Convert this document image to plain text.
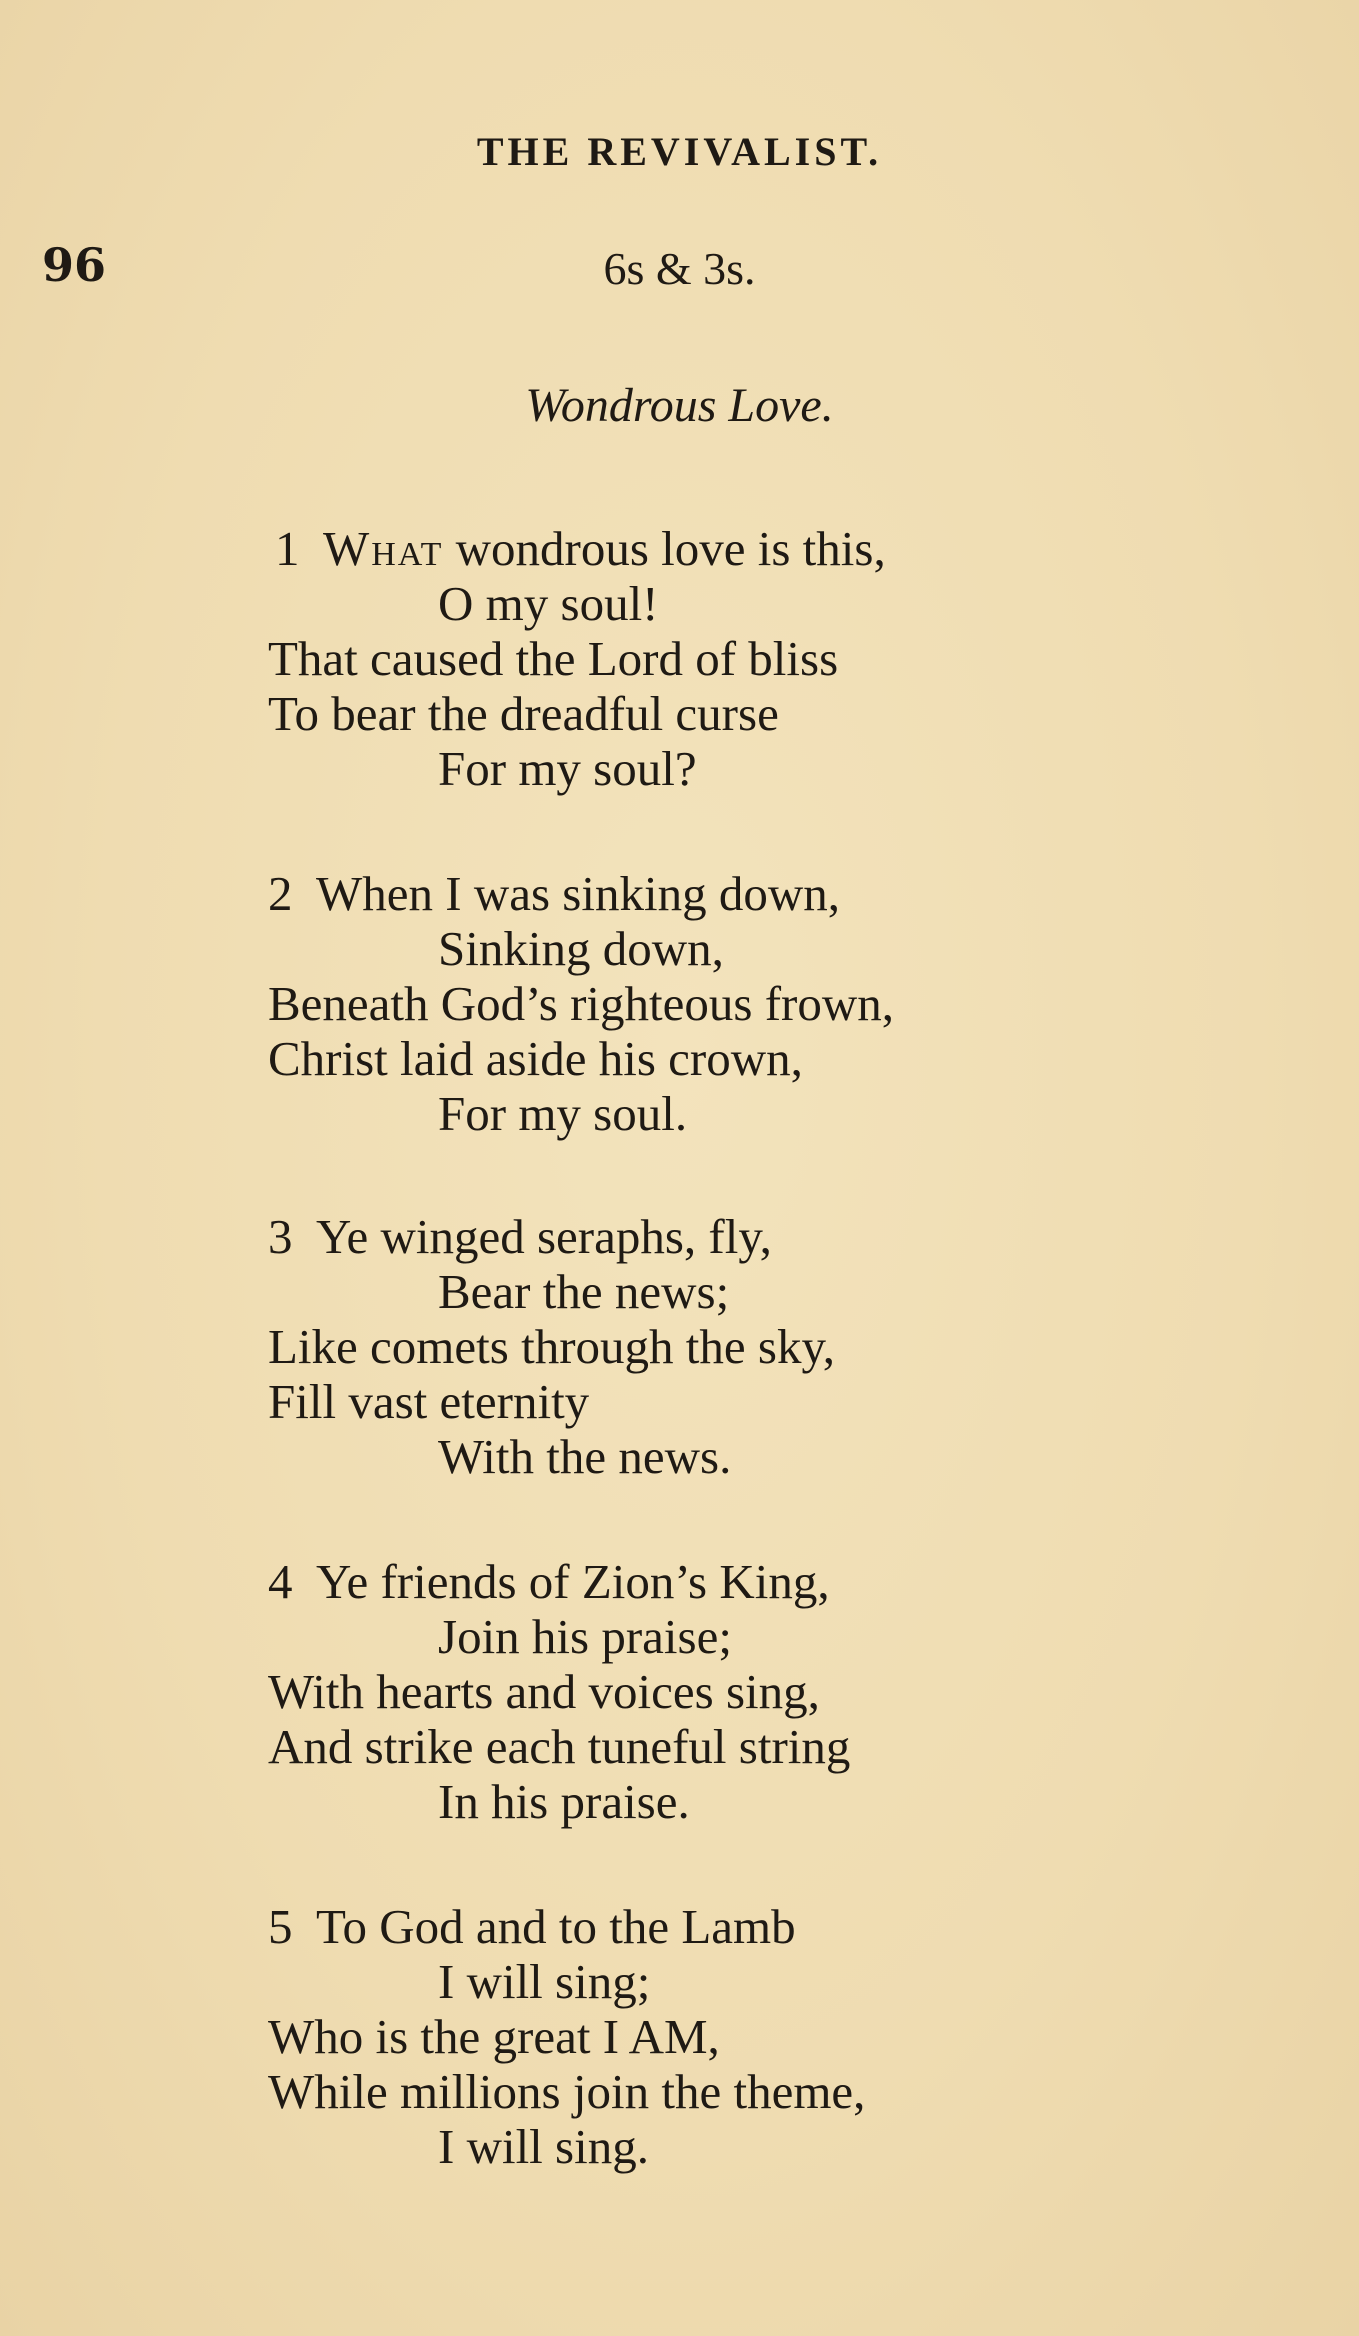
THE REVIVALIST.
96	6s & 3s.
Wondrous Love.
1 What wondrous love is this,
O my soul!
That caused the Lord of bliss
To bear the dreadful curse
For my soul?
2 When I was sinking down,
Sinking down,
Beneath God’s righteous frown,
Christ laid aside his crown,
For my soul.
3 Ye winged seraphs, fly,
Bear the news;
Like comets through the sky,
Fill vast eternity
With the news.
4 Ye friends of Zion’s King,
Join his praise;
With hearts and voices sing,
And strike each tuneful string
In his praise.
5 To God and to the Lamb
I will sing;
Who is the great I AM,
While millions join the theme,
I will sing.
